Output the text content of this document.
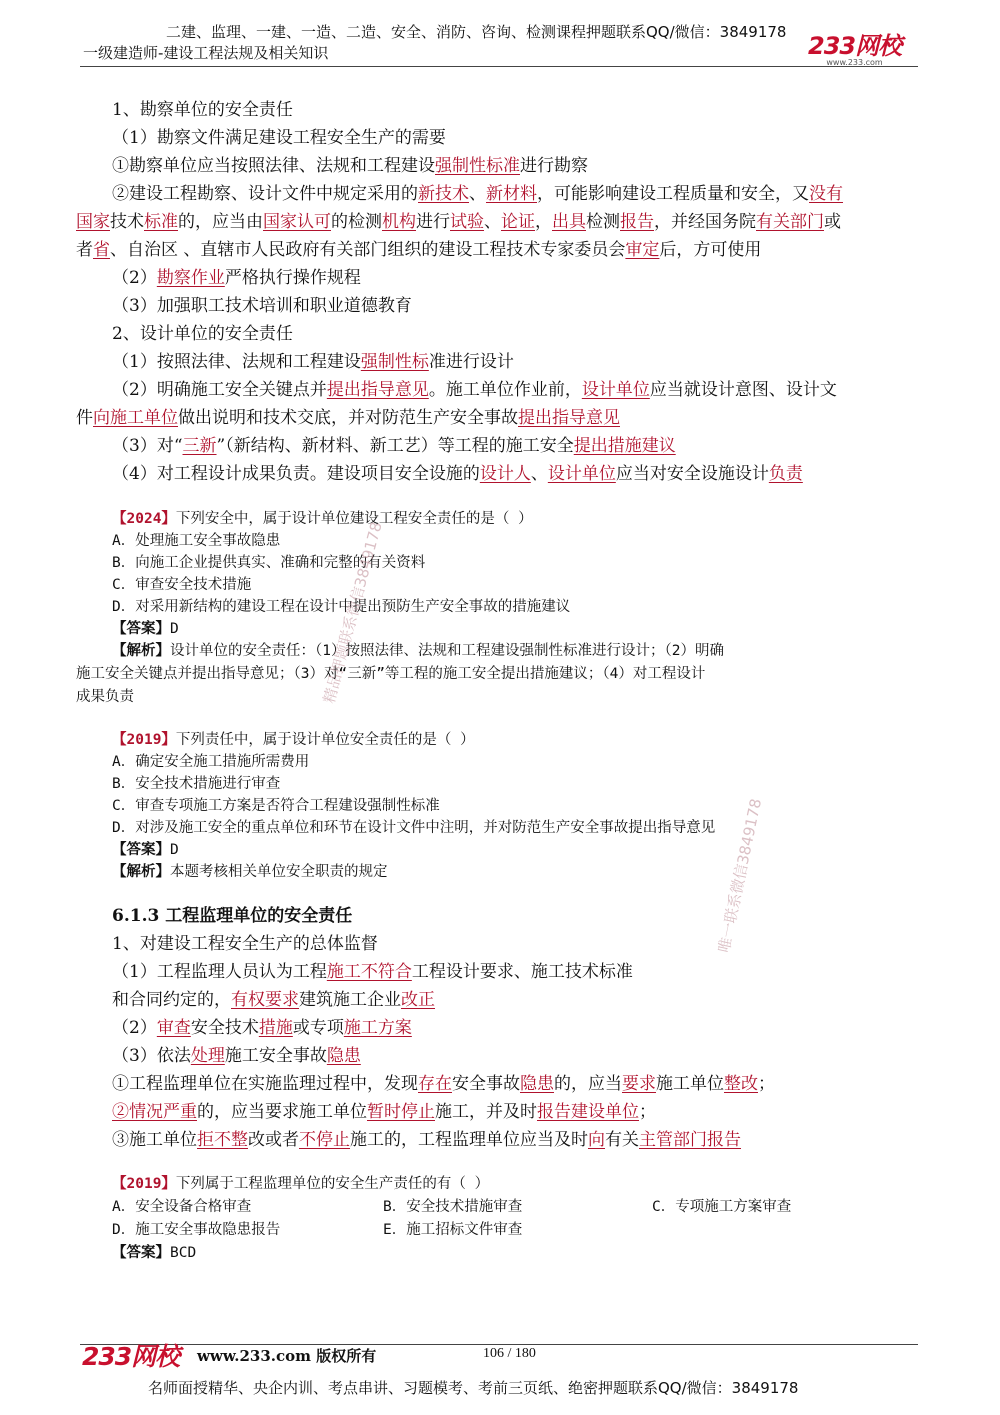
二建、监理、一建、一造、二造、安全、消防、咨询、检测课程押题联系QQ/微信：3849178
一级建造师-建设工程法规及相关知识	233网校
www.233.com
1、勘察单位的安全责任
（1）勘察文件满足建设工程安全生产的需要
①勘察单位应当按照法律、法规和工程建设强制性标准进行勘察
②建设工程勘察、设计文件中规定采用的新技术、新材料，可能影响建设工程质量和安全，又没有
国家技术标准的，应当由国家认可的检测机构进行试验、论证，出具检测报告，并经国务院有关部门或
者省、自治区 、直辖市人民政府有关部门组织的建设工程技术专家委员会审定后，方可使用
（2）勘察作业严格执行操作规程
（3）加强职工技术培训和职业道德教育
2、设计单位的安全责任
（1）按照法律、法规和工程建设强制性标准进行设计
（2）明确施工安全关键点并提出指导意见。施工单位作业前，设计单位应当就设计意图、设计文
件向施工单位做出说明和技术交底，并对防范生产安全事故提出指导意见
（3）对“三新”（新结构、新材料、新工艺）等工程的施工安全提出措施建议
（4）对工程设计成果负责。建设项目安全设施的设计人、设计单位应当对安全设施设计负责
【2024】下列安全中，属于设计单位建设工程安全责任的是（ ）
A．处理施工安全事故隐患
B．向施工企业提供真实、准确和完整的有关资料
C．审查安全技术措施
D．对采用新结构的建设工程在设计中提出预防生产安全事故的措施建议
【答案】D
【解析】设计单位的安全责任：（1）按照法律、法规和工程建设强制性标准进行设计；（2）明确
施工安全关键点并提出指导意见；（3）对“三新”等工程的施工安全提出措施建议；（4）对工程设计
成果负责
【2019】下列责任中，属于设计单位安全责任的是（ ）
A．确定安全施工措施所需费用
B．安全技术措施进行审查
C．审查专项施工方案是否符合工程建设强制性标准
D．对涉及施工安全的重点单位和环节在设计文件中注明，并对防范生产安全事故提出指导意见
【答案】D
【解析】本题考核相关单位安全职责的规定
6.1.3 工程监理单位的安全责任
1、对建设工程安全生产的总体监督
（1）工程监理人员认为工程施工不符合工程设计要求、施工技术标准
和合同约定的，有权要求建筑施工企业改正
（2）审查安全技术措施或专项施工方案
（3）依法处理施工安全事故隐患
①工程监理单位在实施监理过程中，发现存在安全事故隐患的，应当要求施工单位整改；
②情况严重的，应当要求施工单位暂时停止施工，并及时报告建设单位；
③施工单位拒不整改或者不停止施工的，工程监理单位应当及时向有关主管部门报告
【2019】下列属于工程监理单位的安全生产责任的有（ ）
A．安全设备合格审查	B．安全技术措施审查	C．专项施工方案审查
D．施工安全事故隐患报告	E．施工招标文件审查
【答案】BCD
精品押题联系微信3849178
唯一联系微信3849178
233网校 www.233.com 版权所有	106 / 180
名师面授精华、央企内训、考点串讲、习题模考、考前三页纸、绝密押题联系QQ/微信：3849178
